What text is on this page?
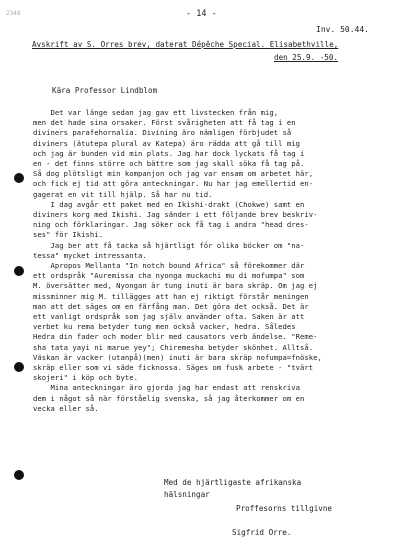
2348	- 14 -
Inv. 50.44.
Avskrift av S. Orres brev, daterat Dépêche Special. Elisabethville,
den 25.9. -50.
Kära Professor Lindblom
Det var länge sedan jag gav ett livstecken från mig,
men det hade sina orsaker. Först svårigheten att få tag i en
diviners parafehornalia. Divining äro nämligen förbjudet så
diviners (ätutepa plural av Katepa) äro rädda att gå till mig
och jag är bunden vid min plats. Jag har dock lyckats få tag i
en - det finns större och bättre som jag skall söka få tag på.
Så dog plötsligt min kompanjon och jag var ensam om arbetet här,
och fick ej tid att göra anteckningar. Nu har jag emellertid en-
gagerat en vit till hjälp. Så har nu tid.
I dag avgår ett paket med en Ikishi-drakt (Chokwe) samt en
diviners korg med Ikishi. Jag sänder i ett följande brev beskriv-
ning och förklaringar. Jag söker ock få tag i andra "head dres-
ses" för Ikishi.
Jag ber att få tacka så hjärtligt för olika böcker om "na-
tessa" mycket intressanta.
Apropos Mellanta "In notch bound Africa" så förekommer där
ett ordspråk "Auremissa cha nyonga muckachi mu di mofumpa" som
M. översätter med, Nyongan är tung inuti är bara skräp. Om jag ej
missminner mig M. tillägges att han ej riktigt förstår meningen
man att det säges om en färfång man. Det göra det också. Det är
ett vanligt ordspråk som jag själv använder ofta. Saken är att
verbet ku rema betyder tung men också vacker, hedra. Således
Hedra din fader och moder blir med causators verb ändelse. "Reme-
sha tata yayi ni marue yey"; Chiremesha betyder skönhet. Alltså.
Väskan är vacker (utanpå)(men) inuti är bara skräp nofumpa=fnöske,
skräp eller som vi säde ficknossa. Säges om fusk arbete - "tvärt
skojeri" i köp och byte.
Mina anteckningar äro gjorda jag har endast att renskriva
dem i något så när förståelig svenska, så jag återkommer om en
vecka eller så.
Med de hjärtligaste afrikanska
hälsningar
Proffesorns tillgivne
Sigfrid Orre.
